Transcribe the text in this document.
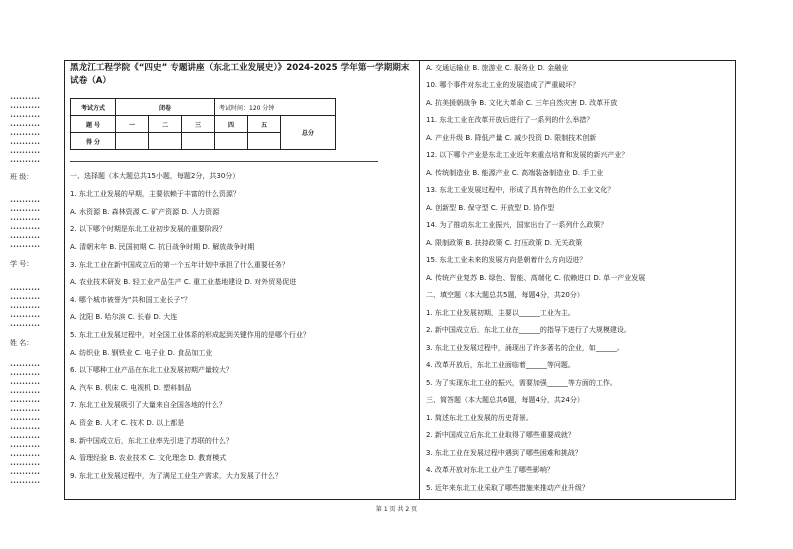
••••••••••
••••••••••
••••••••••
••••••••••
••••••••••
••••••••••
••••••••••
••••••••••
班 级：
••••••••••
••••••••••
••••••••••
••••••••••
••••••••••
••••••••••
学 号：
••••••••••
••••••••••
••••••••••
••••••••••
••••••••••
姓 名：
••••••••••
••••••••••
••••••••••
••••••••••
••••••••••
••••••••••
••••••••••
••••••••••
••••••••••
••••••••••
••••••••••
••••••••••
••••••••••
••••••••••
黑龙江工程学院《“四史” 专题讲座（东北工业发展史）》2024-2025 学年第一学期期末试卷（A）
考试方式	闭卷			考试时间：120 分钟		
题 号	一	二	三	四	五	总分
得 分						
一、选择题（本大题总共15小题，每题2分，共30分）
1. 东北工业发展的早期，主要依赖于丰富的什么资源？
A. 水资源 B. 森林资源 C. 矿产资源 D. 人力资源
2. 以下哪个时期是东北工业初步发展的重要阶段？
A. 清朝末年 B. 民国初期 C. 抗日战争时期 D. 解放战争时期
3. 东北工业在新中国成立后的第一个五年计划中承担了什么重要任务？
A. 农业技术研发 B. 轻工业产品生产 C. 重工业基地建设 D. 对外贸易促进
4. 哪个城市被誉为“共和国工业长子”？
A. 沈阳 B. 哈尔滨 C. 长春 D. 大连
5. 东北工业发展过程中，对全国工业体系的形成起到关键作用的是哪个行业？
A. 纺织业 B. 钢铁业 C. 电子业 D. 食品加工业
6. 以下哪种工业产品在东北工业发展初期产量较大？
A. 汽车 B. 机床 C. 电视机 D. 塑料制品
7. 东北工业发展吸引了大量来自全国各地的什么？
A. 资金 B. 人才 C. 技术 D. 以上都是
8. 新中国成立后，东北工业率先引进了苏联的什么？
A. 管理经验 B. 农业技术 C. 文化理念 D. 教育模式
9. 东北工业发展过程中，为了满足工业生产需求，大力发展了什么？
A. 交通运输业 B. 旅游业 C. 服务业 D. 金融业
10. 哪个事件对东北工业的发展造成了严重破坏？
A. 抗美援朝战争 B. 文化大革命 C. 三年自然灾害 D. 改革开放
11. 东北工业在改革开放后进行了一系列的什么举措？
A. 产业升级 B. 降低产量 C. 减少投资 D. 限制技术创新
12. 以下哪个产业是东北工业近年来重点培育和发展的新兴产业？
A. 传统制造业 B. 能源产业 C. 高端装备制造业 D. 手工业
13. 东北工业发展过程中，形成了具有特色的什么工业文化？
A. 创新型 B. 保守型 C. 开放型 D. 协作型
14. 为了推动东北工业振兴，国家出台了一系列什么政策？
A. 限制政策 B. 扶持政策 C. 打压政策 D. 无关政策
15. 东北工业未来的发展方向是朝着什么方向迈进？
A. 传统产业复苏 B. 绿色、智能、高端化 C. 依赖进口 D. 单一产业发展
二、填空题（本大题总共5题，每题4分，共20分）
1. 东北工业发展初期，主要以______工业为主。
2. 新中国成立后，东北工业在______的指导下进行了大规模建设。
3. 东北工业发展过程中，涌现出了许多著名的企业，如______。
4. 改革开放后，东北工业面临着______等问题。
5. 为了实现东北工业的振兴，需要加强______等方面的工作。
三、简答题（本大题总共6题，每题4分，共24分）
1. 简述东北工业发展的历史背景。
2. 新中国成立后东北工业取得了哪些重要成就？
3. 东北工业在发展过程中遇到了哪些困难和挑战？
4. 改革开放对东北工业产生了哪些影响？
5. 近年来东北工业采取了哪些措施来推动产业升级？
第 1 页 共 2 页
